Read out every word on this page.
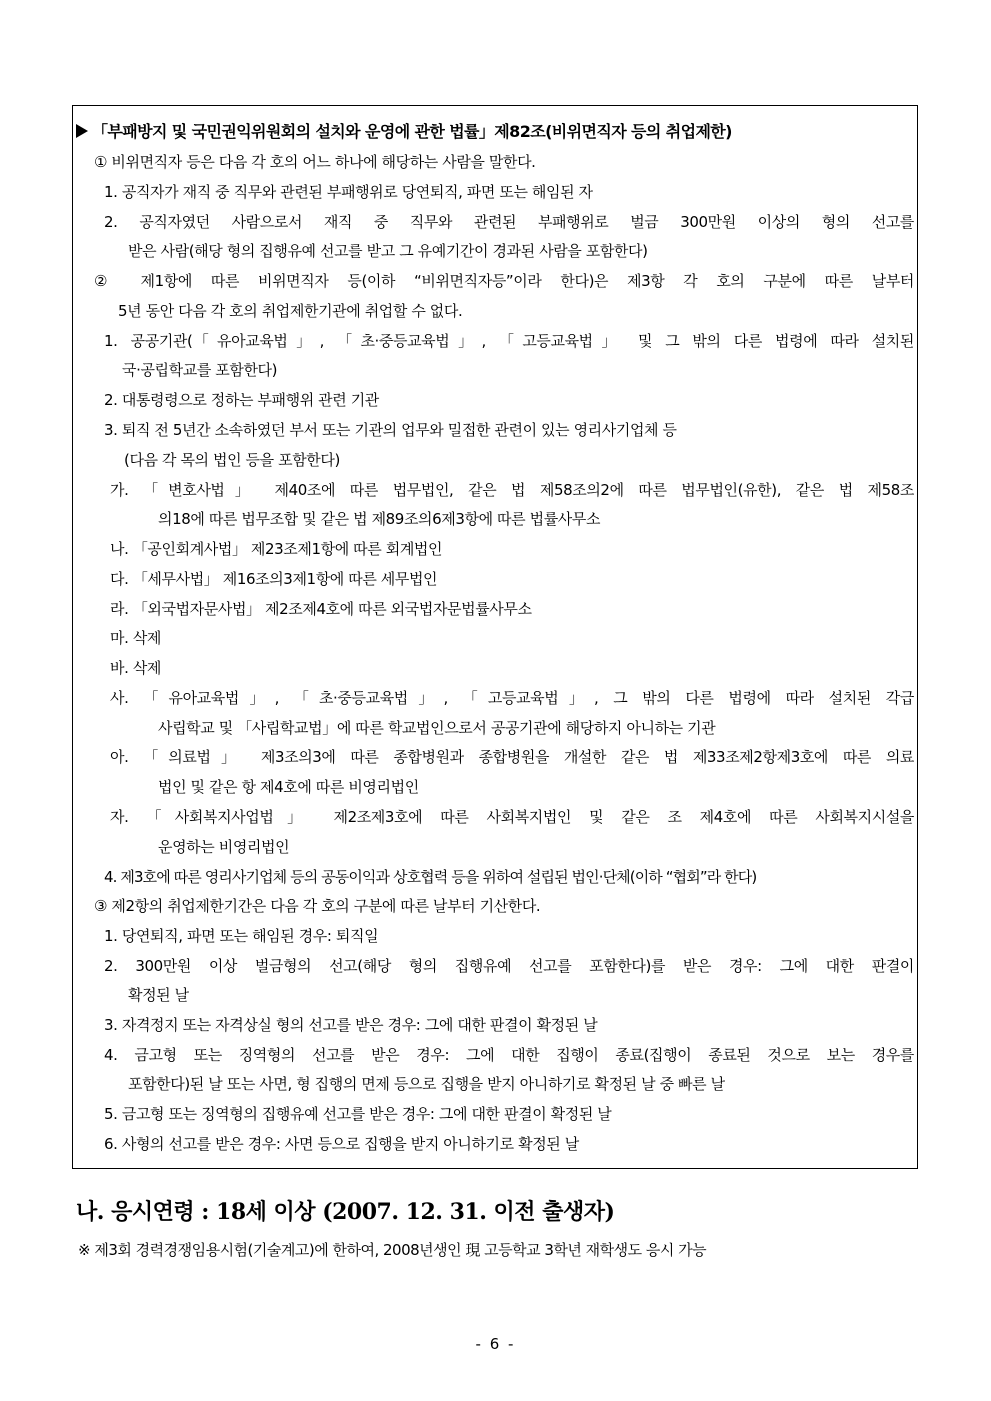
「부패방지 및 국민권익위원회의 설치와 운영에 관한 법률」제82조(비위면직자 등의 취업제한)
① 비위면직자 등은 다음 각 호의 어느 하나에 해당하는 사람을 말한다.
1. 공직자가 재직 중 직무와 관련된 부패행위로 당연퇴직, 파면 또는 해임된 자
2. 공직자였던 사람으로서 재직 중 직무와 관련된 부패행위로 벌금 300만원 이상의 형의 선고를
받은 사람(해당 형의 집행유예 선고를 받고 그 유예기간이 경과된 사람을 포함한다)
② 제1항에 따른 비위면직자 등(이하 “비위면직자등”이라 한다)은 제3항 각 호의 구분에 따른 날부터
5년 동안 다음 각 호의 취업제한기관에 취업할 수 없다.
1. 공공기관(「유아교육법」, 「초·중등교육법」, 「고등교육법」 및 그 밖의 다른 법령에 따라 설치된
국·공립학교를 포함한다)
2. 대통령령으로 정하는 부패행위 관련 기관
3. 퇴직 전 5년간 소속하였던 부서 또는 기관의 업무와 밀접한 관련이 있는 영리사기업체 등
(다음 각 목의 법인 등을 포함한다)
가. 「변호사법」 제40조에 따른 법무법인, 같은 법 제58조의2에 따른 법무법인(유한), 같은 법 제58조
의18에 따른 법무조합 및 같은 법 제89조의6제3항에 따른 법률사무소
나. 「공인회계사법」 제23조제1항에 따른 회계법인
다. 「세무사법」 제16조의3제1항에 따른 세무법인
라. 「외국법자문사법」 제2조제4호에 따른 외국법자문법률사무소
마. 삭제
바. 삭제
사. 「유아교육법」, 「초·중등교육법」, 「고등교육법」, 그 밖의 다른 법령에 따라 설치된 각급
사립학교 및 「사립학교법」에 따른 학교법인으로서 공공기관에 해당하지 아니하는 기관
아. 「의료법」 제3조의3에 따른 종합병원과 종합병원을 개설한 같은 법 제33조제2항제3호에 따른 의료
법인 및 같은 항 제4호에 따른 비영리법인
자. 「사회복지사업법」 제2조제3호에 따른 사회복지법인 및 같은 조 제4호에 따른 사회복지시설을
운영하는 비영리법인
4. 제3호에 따른 영리사기업체 등의 공동이익과 상호협력 등을 위하여 설립된 법인·단체(이하 “협회”라 한다)
③ 제2항의 취업제한기간은 다음 각 호의 구분에 따른 날부터 기산한다.
1. 당연퇴직, 파면 또는 해임된 경우: 퇴직일
2. 300만원 이상 벌금형의 선고(해당 형의 집행유예 선고를 포함한다)를 받은 경우: 그에 대한 판결이
확정된 날
3. 자격정지 또는 자격상실 형의 선고를 받은 경우: 그에 대한 판결이 확정된 날
4. 금고형 또는 징역형의 선고를 받은 경우: 그에 대한 집행이 종료(집행이 종료된 것으로 보는 경우를
포함한다)된 날 또는 사면, 형 집행의 면제 등으로 집행을 받지 아니하기로 확정된 날 중 빠른 날
5. 금고형 또는 징역형의 집행유예 선고를 받은 경우: 그에 대한 판결이 확정된 날
6. 사형의 선고를 받은 경우: 사면 등으로 집행을 받지 아니하기로 확정된 날
나. 응시연령 : 18세 이상 (2007. 12. 31. 이전 출생자)
※ 제3회 경력경쟁임용시험(기술계고)에 한하여, 2008년생인 現 고등학교 3학년 재학생도 응시 가능
- 6 -
